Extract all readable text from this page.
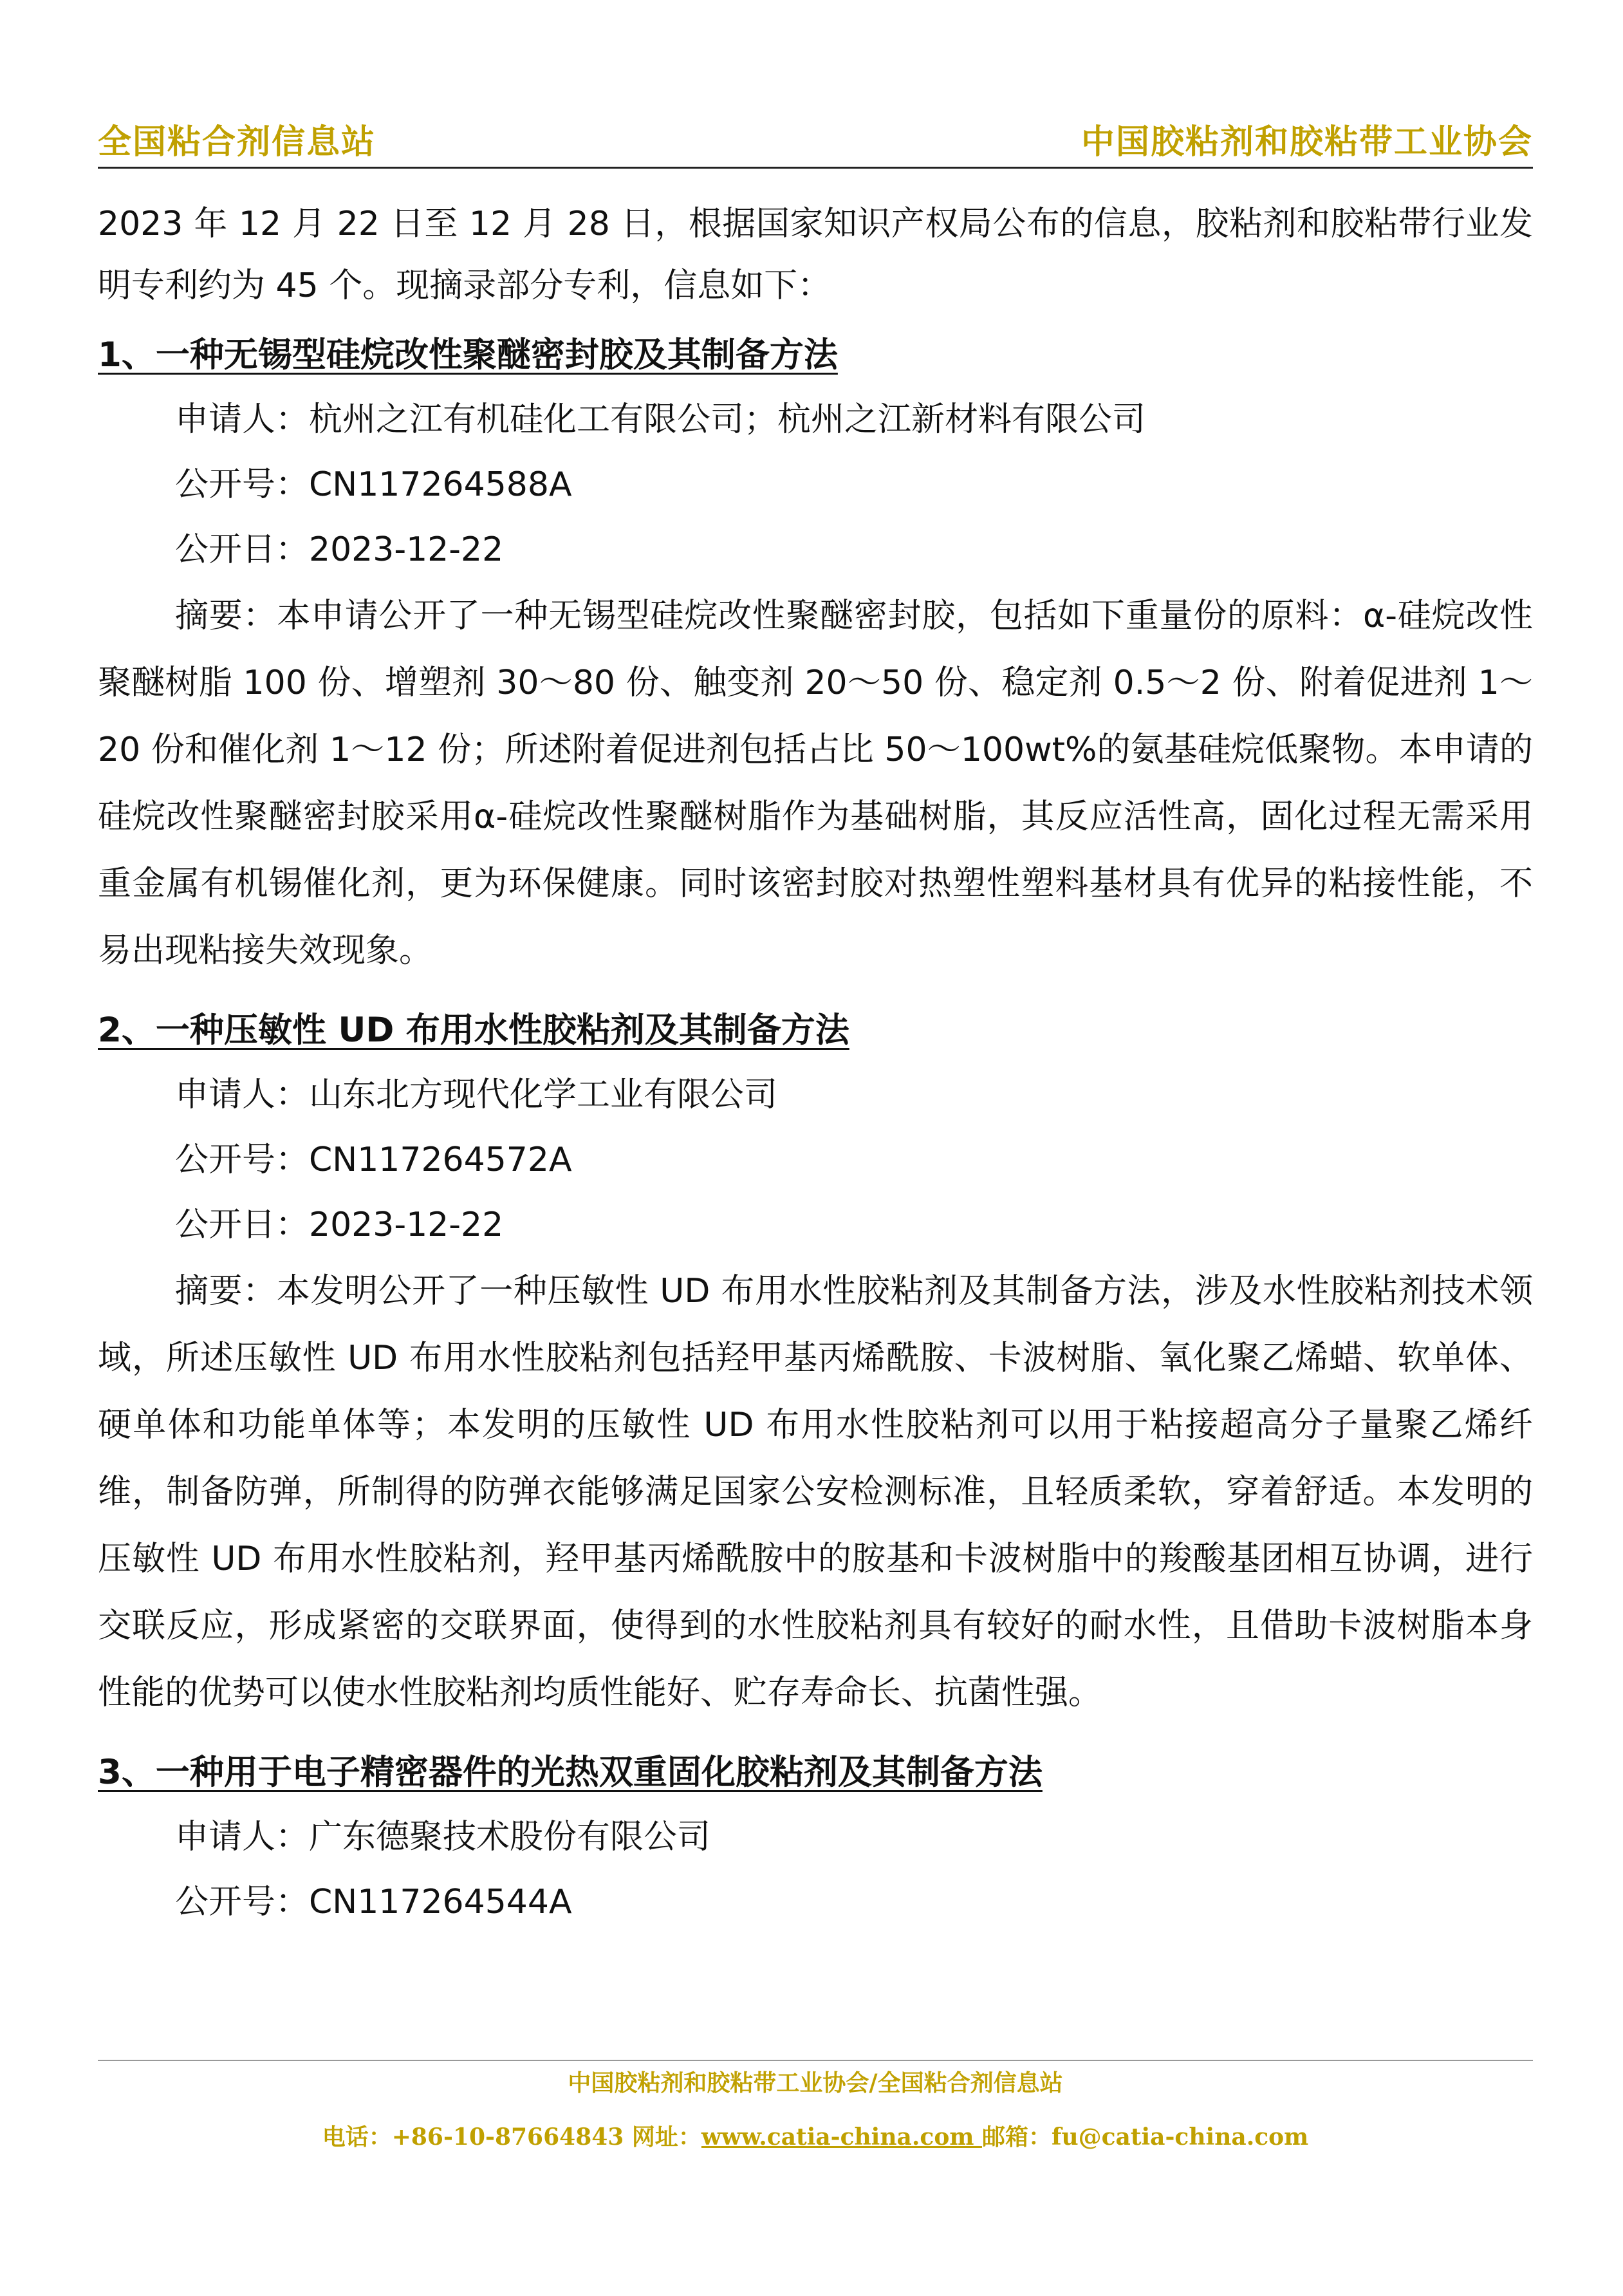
全国粘合剂信息站	中国胶粘剂和胶粘带工业协会

2023 年 12 月 22 日至 12 月 28 日，根据国家知识产权局公布的信息，胶粘剂和胶粘带行业发明专利约为 45 个。现摘录部分专利，信息如下：

1、一种无锡型硅烷改性聚醚密封胶及其制备方法

申请人：杭州之江有机硅化工有限公司；杭州之江新材料有限公司

公开号：CN117264588A

公开日：2023-12-22

摘要：本申请公开了一种无锡型硅烷改性聚醚密封胶，包括如下重量份的原料：α-硅烷改性聚醚树脂 100 份、增塑剂 30～80 份、触变剂 20～50 份、稳定剂 0.5～2 份、附着促进剂 1～20 份和催化剂 1～12 份；所述附着促进剂包括占比 50～100wt%的氨基硅烷低聚物。本申请的硅烷改性聚醚密封胶采用α-硅烷改性聚醚树脂作为基础树脂，其反应活性高，固化过程无需采用重金属有机锡催化剂，更为环保健康。同时该密封胶对热塑性塑料基材具有优异的粘接性能，不易出现粘接失效现象。

2、一种压敏性 UD 布用水性胶粘剂及其制备方法

申请人：山东北方现代化学工业有限公司

公开号：CN117264572A

公开日：2023-12-22

摘要：本发明公开了一种压敏性 UD 布用水性胶粘剂及其制备方法，涉及水性胶粘剂技术领域，所述压敏性 UD 布用水性胶粘剂包括羟甲基丙烯酰胺、卡波树脂、氧化聚乙烯蜡、软单体、硬单体和功能单体等；本发明的压敏性 UD 布用水性胶粘剂可以用于粘接超高分子量聚乙烯纤维，制备防弹，所制得的防弹衣能够满足国家公安检测标准，且轻质柔软，穿着舒适。本发明的压敏性 UD 布用水性胶粘剂，羟甲基丙烯酰胺中的胺基和卡波树脂中的羧酸基团相互协调，进行交联反应，形成紧密的交联界面，使得到的水性胶粘剂具有较好的耐水性，且借助卡波树脂本身性能的优势可以使水性胶粘剂均质性能好、贮存寿命长、抗菌性强。

3、一种用于电子精密器件的光热双重固化胶粘剂及其制备方法

申请人：广东德聚技术股份有限公司

公开号：CN117264544A

中国胶粘剂和胶粘带工业协会/全国粘合剂信息站
电话：+86-10-87664843 网址：www.catia-china.com 邮箱：fu@catia-china.com
